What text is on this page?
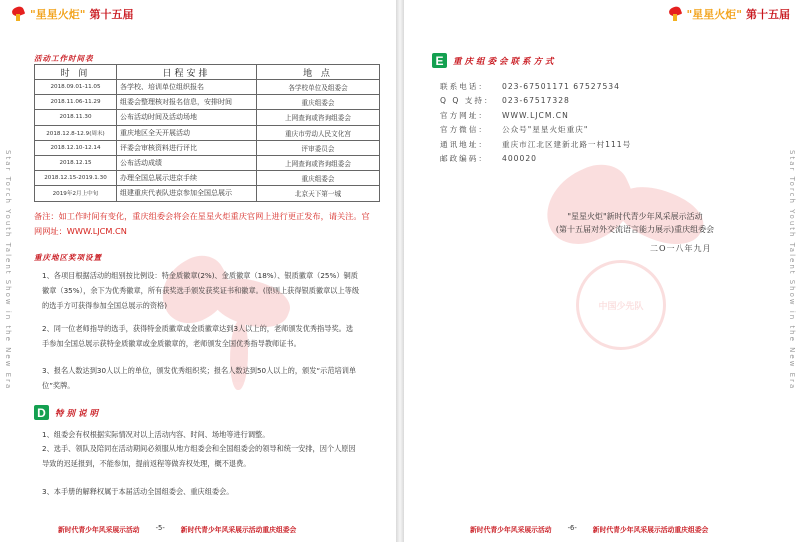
"星星火炬" 第十五届
Star Torch Youth Talent Show in the New Era
活动工作时间表
时 间	日程安排	地 点
2018.09.01-11.05	各学校、培训单位组织报名	各学校单位及组委会
2018.11.06-11.29	组委会整理核对报名信息，安排时间	重庆组委会
2018.11.30	公布活动时间及活动场地	上网查询或咨询组委会
2018.12.8-12.9(周末)	重庆地区全天开展活动	重庆市劳动人民文化宫
2018.12.10-12.14	评委会审核资料进行评比	评审委员会
2018.12.15	公布活动成绩	上网查询或咨询组委会
2018.12.15-2019.1.30	办理全国总展示进京手续	重庆组委会
2019年2月上中旬	组建重庆代表队进京参加全国总展示	北京天下第一城
备注：如工作时间有变化，重庆组委会将会在星星火炬重庆官网上进行更正发布，请关注。官网网址：WWW.LJCM.CN
重庆地区奖项设置
1、各项目根据活动的组别按比例设：特金质徽章(2%)、金质徽章（18%）、银质徽章（25%）铜质徽章（35%），余下为优秀徽章，所有获奖选手颁发获奖证书和徽章。(原则上获得银质徽章以上等级的选手方可获得参加全国总展示的资格)
2、同一位老师指导的选手，获得特金质徽章或金质徽章达到3人以上的，老师颁发优秀指导奖。选手参加全国总展示获特金质徽章或金质徽章的，老师颁发全国优秀指导教师证书。
3、报名人数达到30人以上的单位，颁发优秀组织奖；报名人数达到50人以上的，颁发“示范培训单位”奖牌。
D	特别说明
1、组委会有权根据实际情况对以上活动内容、时间、场地等进行调整。
2、选手、领队及陪同在活动期间必须服从地方组委会和全国组委会的领导和统一安排，因个人原因导致的迟延报到，不能参加，提前返程等做弃权处理，概不退费。
3、本手册的解释权属于本届活动全国组委会、重庆组委会。
新时代青少年风采展示活动 -5- 新时代青少年风采展示活动重庆组委会
"星星火炬" 第十五届
Star Torch Youth Talent Show in the New Era
中国少先队
E	重庆组委会联系方式
联系电话：	023-67501171 67527534
Q Q 支持：	023-67517328
官方网址：	WWW.LJCM.CN
官方微信：	公众号"星星火炬重庆"
通讯地址：	重庆市江北区建新北路一村111号
邮政编码：	400020
"星星火炬"新时代青少年风采展示活动
(第十五届对外交流语言能力展示)重庆组委会
二O一八年九月
新时代青少年风采展示活动 -6- 新时代青少年风采展示活动重庆组委会
